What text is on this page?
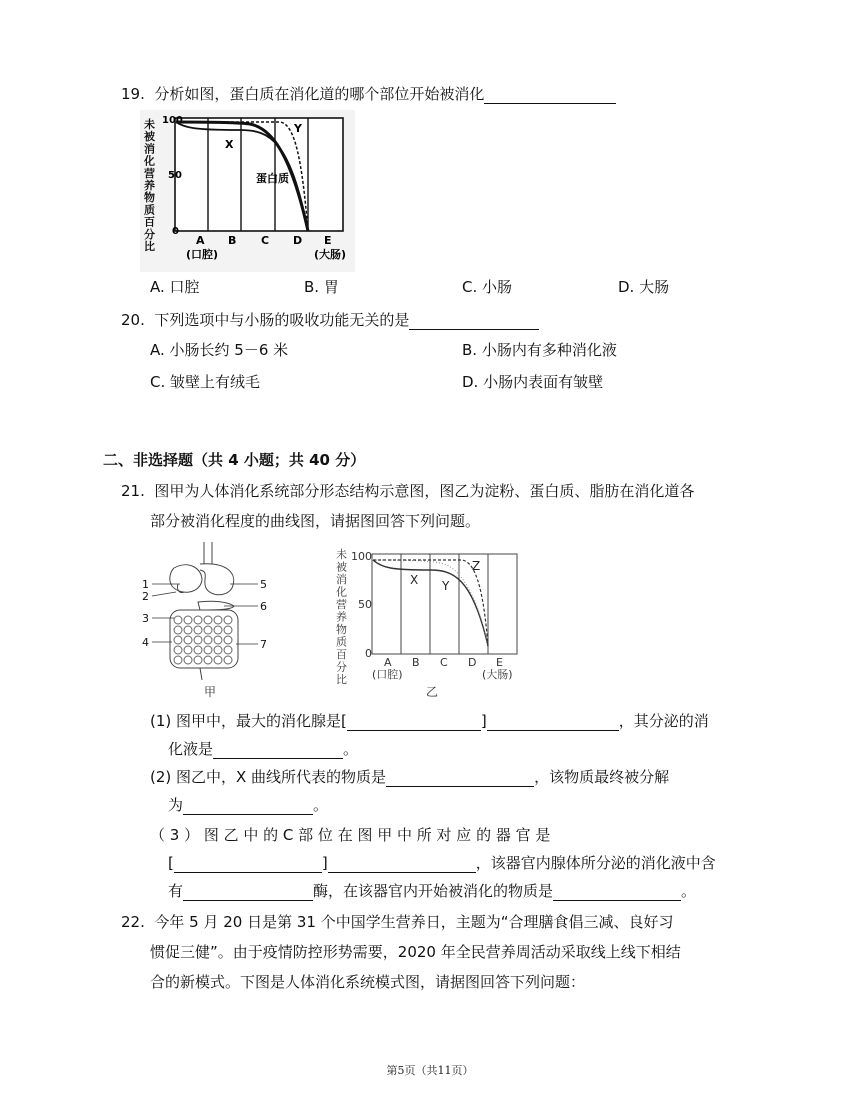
19. 分析如图，蛋白质在消化道的哪个部位开始被消化
未被消化营养物质百分比
100
50
0
X
Y
蛋白质
A B C D E
(口腔)	(大肠)
A. 口腔	B. 胃	C. 小肠	D. 大肠
20. 下列选项中与小肠的吸收功能无关的是
A. 小肠长约 5－6 米	B. 小肠内有多种消化液
C. 皱壁上有绒毛	D. 小肠内表面有皱壁
二、非选择题（共 4 小题；共 40 分）
21. 图甲为人体消化系统部分形态结构示意图，图乙为淀粉、蛋白质、脂肪在消化道各
部分被消化程度的曲线图，请据图回答下列问题。
1
2
3
4
5
6
7
甲
未被消化营养物质百分比
100
50
0
X Y
Z
A B C D E
(口腔)	(大肠)
乙
(1) 图甲中，最大的消化腺是[	]	，其分泌的消
化液是	。
(2) 图乙中，X 曲线所代表的物质是	，该物质最终被分解
为	。
（ 3 ） 图 乙 中 的 C 部 位 在 图 甲 中 所 对 应 的 器 官 是
[	]	，该器官内腺体所分泌的消化液中含
有	酶，在该器官内开始被消化的物质是	。
22. 今年 5 月 20 日是第 31 个中国学生营养日，主题为“合理膳食倡三减、良好习
惯促三健”。由于疫情防控形势需要，2020 年全民营养周活动采取线上线下相结
合的新模式。下图是人体消化系统模式图，请据图回答下列问题：
第5页（共11页）
